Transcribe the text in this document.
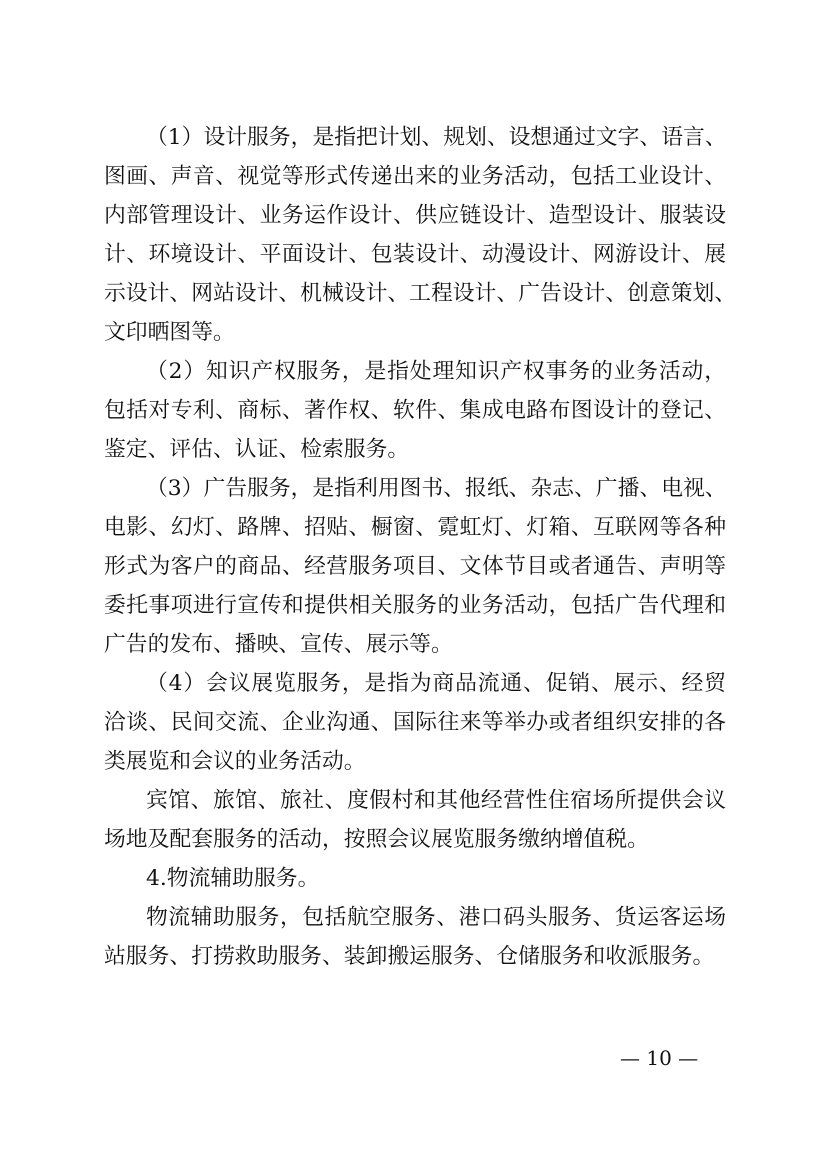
（1）设计服务，是指把计划、规划、设想通过文字、语言、
图画、声音、视觉等形式传递出来的业务活动，包括工业设计、
内部管理设计、业务运作设计、供应链设计、造型设计、服装设
计、环境设计、平面设计、包装设计、动漫设计、网游设计、展
示设计、网站设计、机械设计、工程设计、广告设计、创意策划、
文印晒图等。
（2）知识产权服务，是指处理知识产权事务的业务活动，
包括对专利、商标、著作权、软件、集成电路布图设计的登记、
鉴定、评估、认证、检索服务。
（3）广告服务，是指利用图书、报纸、杂志、广播、电视、
电影、幻灯、路牌、招贴、橱窗、霓虹灯、灯箱、互联网等各种
形式为客户的商品、经营服务项目、文体节目或者通告、声明等
委托事项进行宣传和提供相关服务的业务活动，包括广告代理和
广告的发布、播映、宣传、展示等。
（4）会议展览服务，是指为商品流通、促销、展示、经贸
洽谈、民间交流、企业沟通、国际往来等举办或者组织安排的各
类展览和会议的业务活动。
宾馆、旅馆、旅社、度假村和其他经营性住宿场所提供会议
场地及配套服务的活动，按照会议展览服务缴纳增值税。
4.物流辅助服务。
物流辅助服务，包括航空服务、港口码头服务、货运客运场
站服务、打捞救助服务、装卸搬运服务、仓储服务和收派服务。
— 10 —
